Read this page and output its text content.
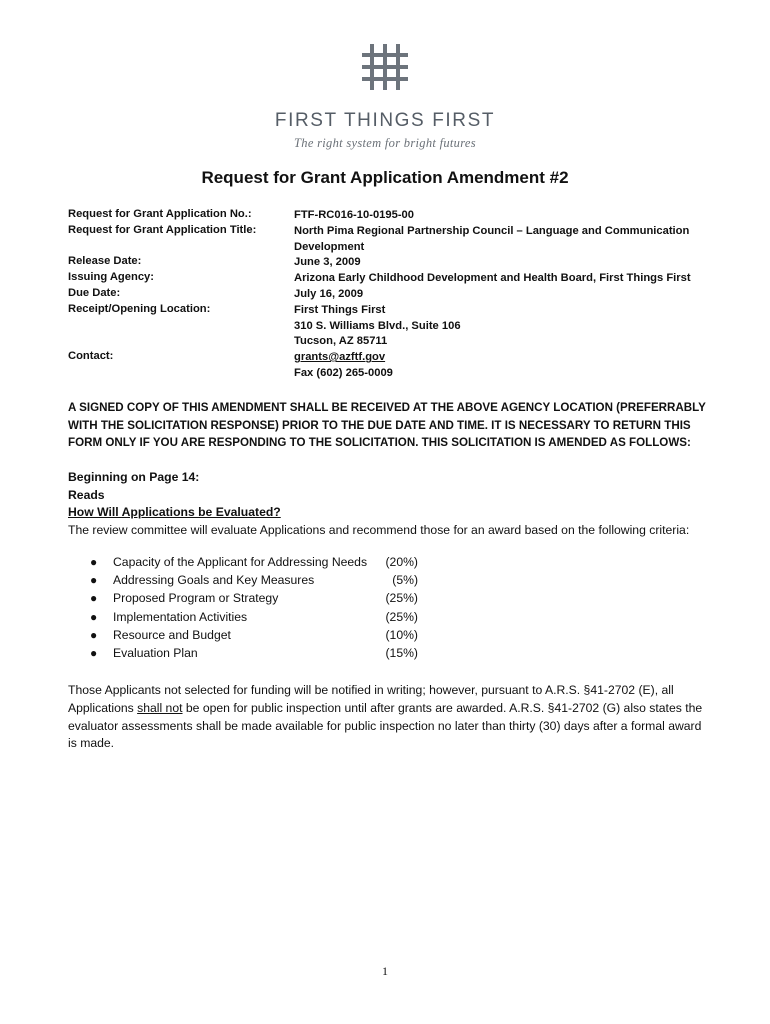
FIRST THINGS FIRST
The right system for bright futures
Request for Grant Application Amendment #2
Request for Grant Application No.:	FTF-RC016-10-0195-00
Request for Grant Application Title:	North Pima Regional Partnership Council – Language and Communication Development
Release Date:	June 3, 2009
Issuing Agency:	Arizona Early Childhood Development and Health Board, First Things First
Due Date:	July 16, 2009
Receipt/Opening Location:	First Things First
310 S. Williams Blvd., Suite 106
Tucson, AZ 85711
Contact:	grants@azftf.gov
Fax (602) 265-0009
A SIGNED COPY OF THIS AMENDMENT SHALL BE RECEIVED AT THE ABOVE AGENCY LOCATION (PREFERRABLY WITH THE SOLICITATION RESPONSE) PRIOR TO THE DUE DATE AND TIME. IT IS NECESSARY TO RETURN THIS FORM ONLY IF YOU ARE RESPONDING TO THE SOLICITATION. THIS SOLICITATION IS AMENDED AS FOLLOWS:
Beginning on Page 14:
Reads
How Will Applications be Evaluated?
The review committee will evaluate Applications and recommend those for an award based on the following criteria:
● Capacity of the Applicant for Addressing Needs (20%)
● Addressing Goals and Key Measures	(5%)
● Proposed Program or Strategy	(25%)
● Implementation Activities	(25%)
● Resource and Budget	(10%)
● Evaluation Plan	(15%)
Those Applicants not selected for funding will be notified in writing; however, pursuant to A.R.S. §41-2702 (E), all Applications shall not be open for public inspection until after grants are awarded. A.R.S. §41-2702 (G) also states the evaluator assessments shall be made available for public inspection no later than thirty (30) days after a formal award is made.
1
